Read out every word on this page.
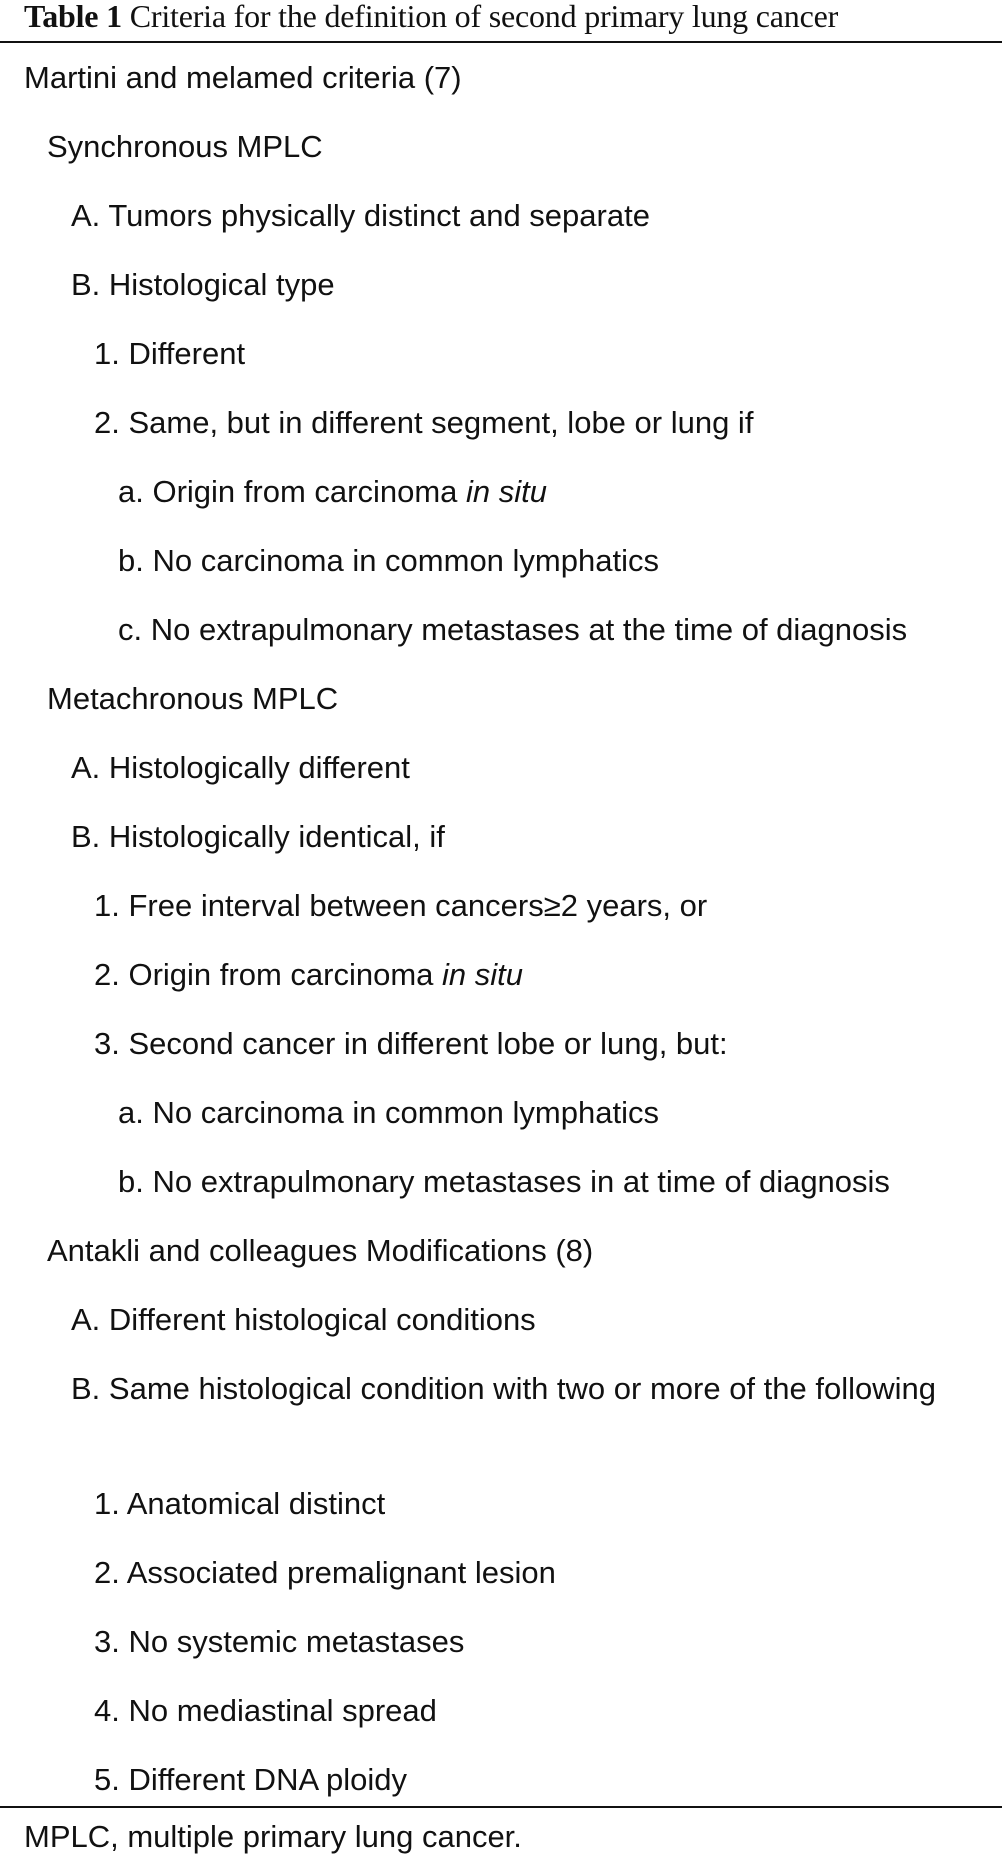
Table 1 Criteria for the definition of second primary lung cancer
Martini and melamed criteria (7)
Synchronous MPLC
A. Tumors physically distinct and separate
B. Histological type
1. Different
2. Same, but in different segment, lobe or lung if
a. Origin from carcinoma in situ
b. No carcinoma in common lymphatics
c. No extrapulmonary metastases at the time of diagnosis
Metachronous MPLC
A. Histologically different
B. Histologically identical, if
1. Free interval between cancers≥2 years, or
2. Origin from carcinoma in situ
3. Second cancer in different lobe or lung, but:
a. No carcinoma in common lymphatics
b. No extrapulmonary metastases in at time of diagnosis
Antakli and colleagues Modifications (8)
A. Different histological conditions
B. Same histological condition with two or more of the following
1. Anatomical distinct
2. Associated premalignant lesion
3. No systemic metastases
4. No mediastinal spread
5. Different DNA ploidy
MPLC, multiple primary lung cancer.
